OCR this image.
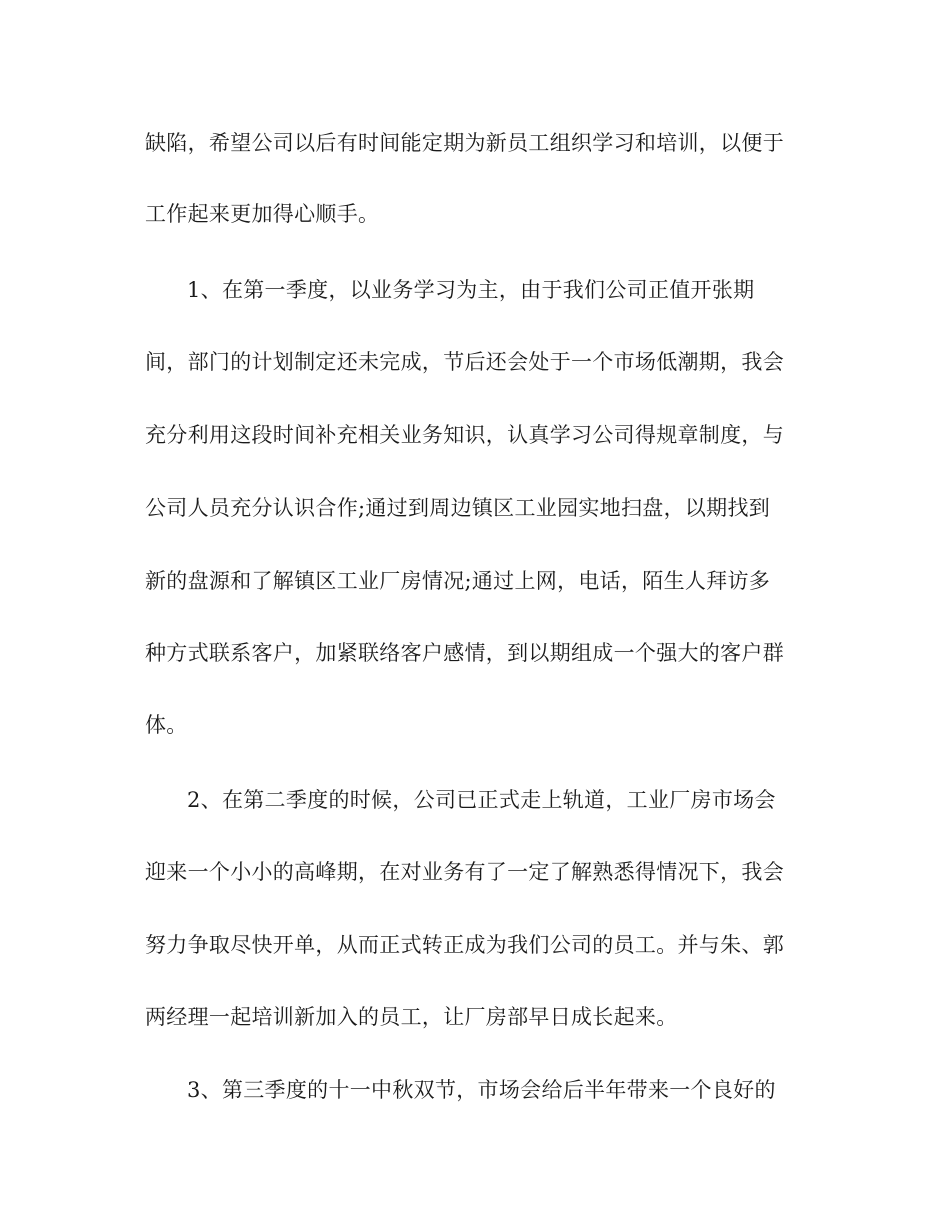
缺陷，希望公司以后有时间能定期为新员工组织学习和培训，以便于
工作起来更加得心顺手。
1、在第一季度，以业务学习为主，由于我们公司正值开张期
间，部门的计划制定还未完成，节后还会处于一个市场低潮期，我会
充分利用这段时间补充相关业务知识，认真学习公司得规章制度，与
公司人员充分认识合作;通过到周边镇区工业园实地扫盘，以期找到
新的盘源和了解镇区工业厂房情况;通过上网，电话，陌生人拜访多
种方式联系客户，加紧联络客户感情，到以期组成一个强大的客户群
体。
2、在第二季度的时候，公司已正式走上轨道，工业厂房市场会
迎来一个小小的高峰期，在对业务有了一定了解熟悉得情况下，我会
努力争取尽快开单，从而正式转正成为我们公司的员工。并与朱、郭
两经理一起培训新加入的员工，让厂房部早日成长起来。
3、第三季度的十一中秋双节，市场会给后半年带来一个良好的
